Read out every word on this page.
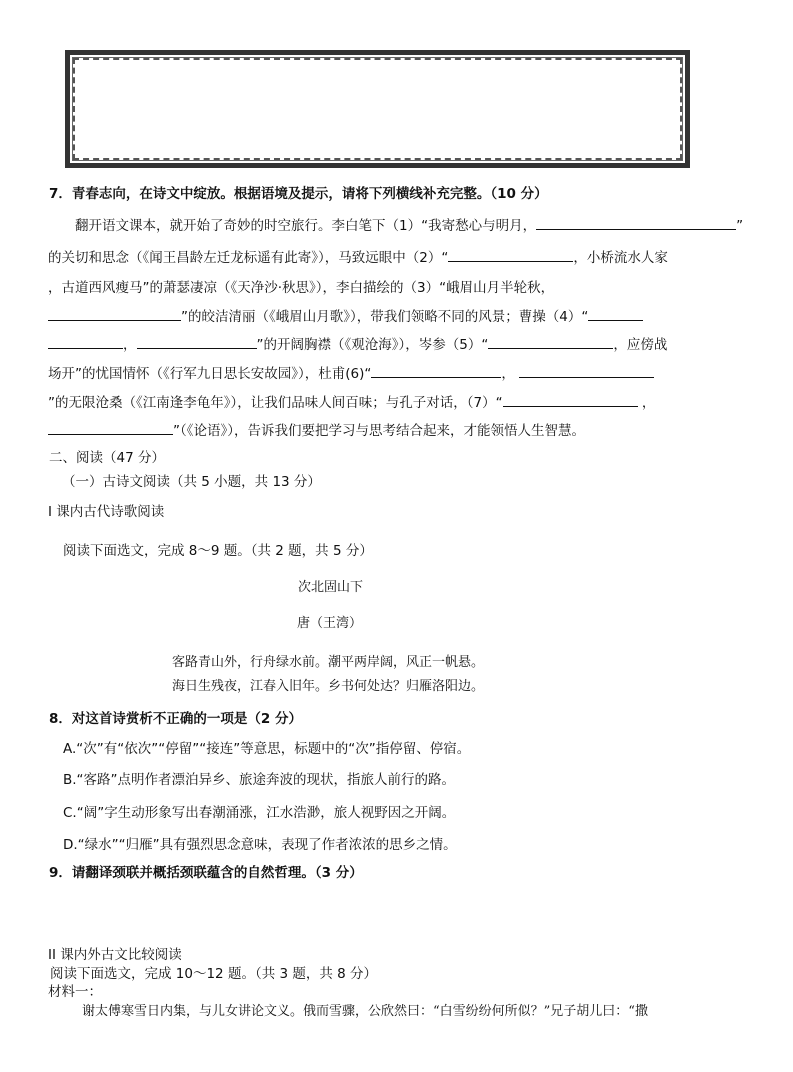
7．青春志向，在诗文中绽放。根据语境及提示，请将下列横线补充完整。（10 分）
翻开语文课本，就开始了奇妙的时空旅行。李白笔下（1）“我寄愁心与明月，	”
的关切和思念（《闻王昌龄左迁龙标遥有此寄》），马致远眼中（2）“	，小桥流水人家
，古道西风瘦马”的萧瑟凄凉（《天净沙·秋思》），李白描绘的（3）“峨眉山月半轮秋，
”的皎洁清丽（《峨眉山月歌》），带我们领略不同的风景；曹操（4）“
，	”的开阔胸襟（《观沧海》），岑参（5）“	，应傍战
场开”的忧国情怀（《行军九日思长安故园》），杜甫(6)“	，
”的无限沧桑（《江南逢李龟年》），让我们品味人间百味；与孔子对话，（7）“	，
”（《论语》），告诉我们要把学习与思考结合起来，才能领悟人生智慧。
二、阅读（47 分）
（一）古诗文阅读（共 5 小题，共 13 分）
I 课内古代诗歌阅读
阅读下面选文，完成 8～9 题。（共 2 题，共 5 分）
次北固山下
唐（王湾）
客路青山外，行舟绿水前。潮平两岸阔，风正一帆悬。
海日生残夜，江春入旧年。乡书何处达？归雁洛阳边。
8．对这首诗赏析不正确的一项是（2 分）
A.“次”有“依次”“停留”“接连”等意思，标题中的“次”指停留、停宿。
B.“客路”点明作者漂泊异乡、旅途奔波的现状，指旅人前行的路。
C.“阔”字生动形象写出春潮涌涨，江水浩渺，旅人视野因之开阔。
D.“绿水”“归雁”具有强烈思念意味，表现了作者浓浓的思乡之情。
9．请翻译颈联并概括颈联蕴含的自然哲理。（3 分）
II 课内外古文比较阅读
阅读下面选文，完成 10～12 题。（共 3 题，共 8 分）
材料一：
谢太傅寒雪日内集，与儿女讲论文义。俄而雪骤，公欣然曰：“白雪纷纷何所似？”兄子胡儿曰：“撒
